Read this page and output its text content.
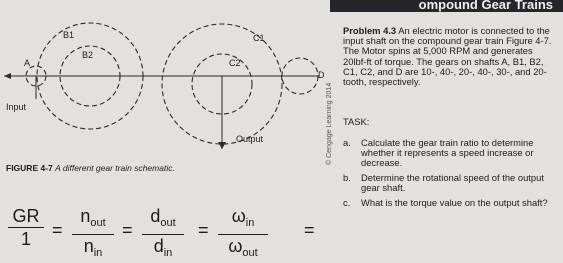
ompound Gear Trains
B1
B2
C1
C2
A
D
Input
Output
FIGURE 4-7 A different gear train schematic.
© Cengage Learning 2014
Problem 4.3 An electric motor is connected to the input shaft on the compound gear train Figure 4-7. The Motor spins at 5,000 RPM and generates 20lbf-ft of torque. The gears on shafts A, B1, B2, C1, C2, and D are 10-, 40-, 20-, 40-, 30-, and 20-tooth, respectively.
TASK:
a. Calculate the gear train ratio to determine whether it represents a speed increase or decrease.
b. Determine the rotational speed of the output gear shaft.
c. What is the torque value on the output shaft?
GR
1	=
$n_{out}$
$n_{in}$
=
$d_{out}$
$d_{in}$
=
$\omega_{in}$
$\omega_{out}$
=
